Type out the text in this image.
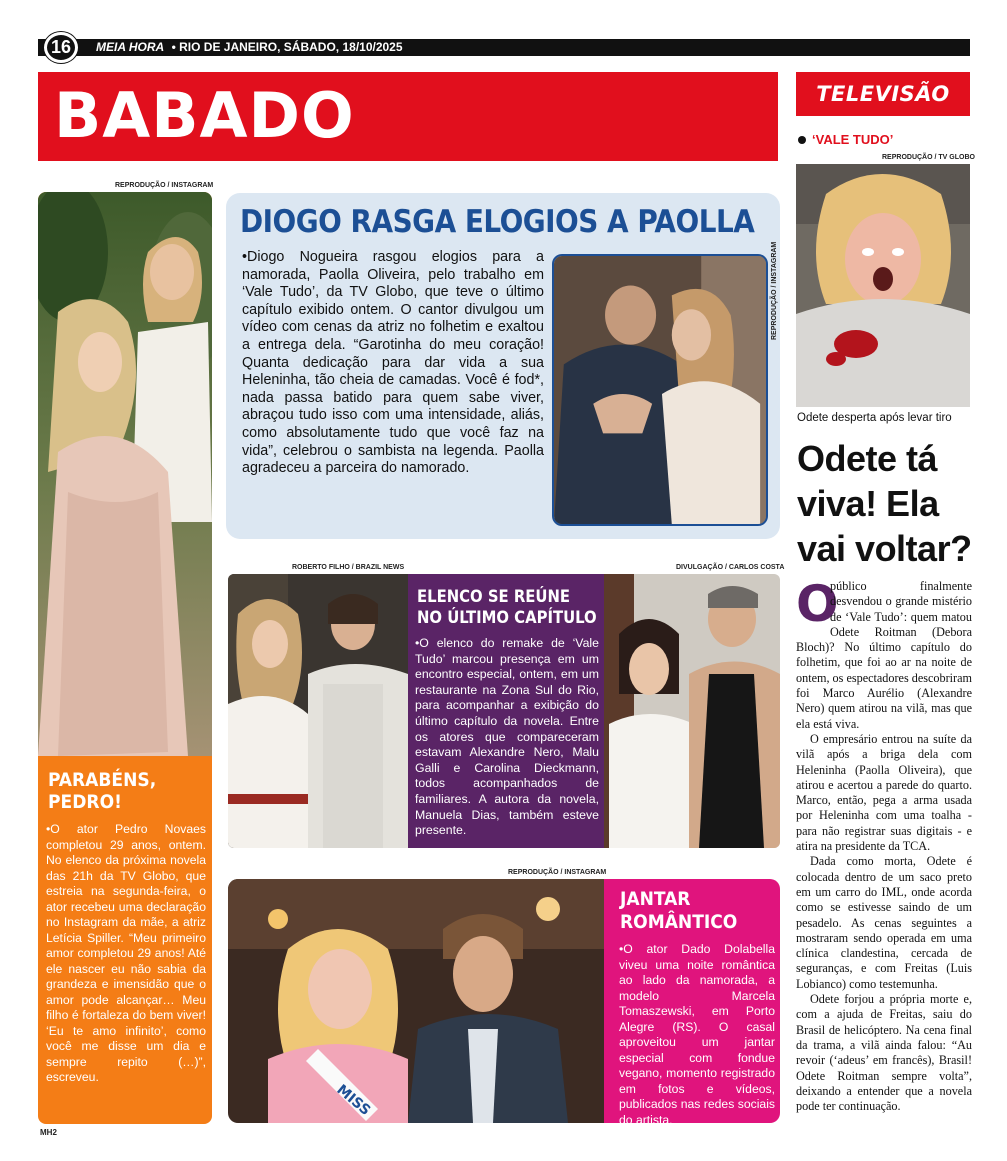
16	MEIA HORA • RIO DE JANEIRO, SÁBADO, 18/10/2025
BABADO	TELEVISÃO
REPRODUÇÃO / INSTAGRAM
PARABÉNS, PEDRO!
•O ator Pedro Novaes completou 29 anos, ontem. No elenco da próxima novela das 21h da TV Globo, que estreia na segunda-feira, o ator recebeu uma declaração no Instagram da mãe, a atriz Letícia Spiller. “Meu primeiro amor completou 29 anos! Até ele nascer eu não sabia da grandeza e imensidão que o amor pode alcançar… Meu filho é fortaleza do bem viver! ‘Eu te amo infinito’, como você me disse um dia e sempre repito (…)”, escreveu.
DIOGO RASGA ELOGIOS A PAOLLA
•Diogo Nogueira rasgou elogios para a namorada, Paolla Oliveira, pelo trabalho em ‘Vale Tudo’, da TV Globo, que teve o último capítulo exibido ontem. O cantor divulgou um vídeo com cenas da atriz no folhetim e exaltou a entrega dela. “Garotinha do meu coração! Quanta dedicação para dar vida a sua Heleninha, tão cheia de camadas. Você é fod*, nada passa batido para quem sabe viver, abraçou tudo isso com uma intensidade, aliás, como absolutamente tudo que você faz na vida”, celebrou o sambista na legenda. Paolla agradeceu a parceira do namorado.
REPRODUÇÃO / INSTAGRAM
ROBERTO FILHO / BRAZIL NEWS	DIVULGAÇÃO / CARLOS COSTA
ELENCO SE REÚNE NO ÚLTIMO CAPÍTULO
•O elenco do remake de ‘Vale Tudo’ marcou presença em um encontro especial, ontem, em um restaurante na Zona Sul do Rio, para acompanhar a exibição do último capítulo da novela. Entre os atores que compareceram estavam Alexandre Nero, Malu Galli e Carolina Dieckmann, todos acompanhados de familiares. A autora da novela, Manuela Dias, também esteve presente.
REPRODUÇÃO / INSTAGRAM
MISS
JANTAR ROMÂNTICO
•O ator Dado Dolabella viveu uma noite romântica ao lado da namorada, a modelo Marcela Tomaszewski, em Porto Alegre (RS). O casal aproveitou um jantar especial com fondue vegano, momento registrado em fotos e vídeos, publicados nas redes sociais do artista.
‘VALE TUDO’
REPRODUÇÃO / TV GLOBO
Odete desperta após levar tiro
Odete tá viva! Ela vai voltar?
O

público finalmente desvendou o grande mistério de ‘Vale Tudo’: quem matou Odete Roitman (Debora Bloch)? No último capítulo do folhetim, que foi ao ar na noite de ontem, os espectadores descobriram foi Marco Aurélio (Alexandre Nero) quem atirou na vilã, mas que ela está viva.

O empresário entrou na suíte da vilã após a briga dela com Heleninha (Paolla Oliveira), que atirou e acertou a parede do quarto. Marco, então, pega a arma usada por Heleninha com uma toalha - para não registrar suas digitais - e atira na presidente da TCA.

Dada como morta, Odete é colocada dentro de um saco preto em um carro do IML, onde acorda como se estivesse saindo de um pesadelo. As cenas seguintes a mostraram sendo operada em uma clínica clandestina, cercada de seguranças, e com Freitas (Luis Lobianco) como testemunha.

Odete forjou a própria morte e, com a ajuda de Freitas, saiu do Brasil de helicóptero. Na cena final da trama, a vilã ainda falou: “Au revoir (‘adeus’ em francês), Brasil! Odete Roitman sempre volta”, deixando a entender que a novela pode ter continuação.

MH2
